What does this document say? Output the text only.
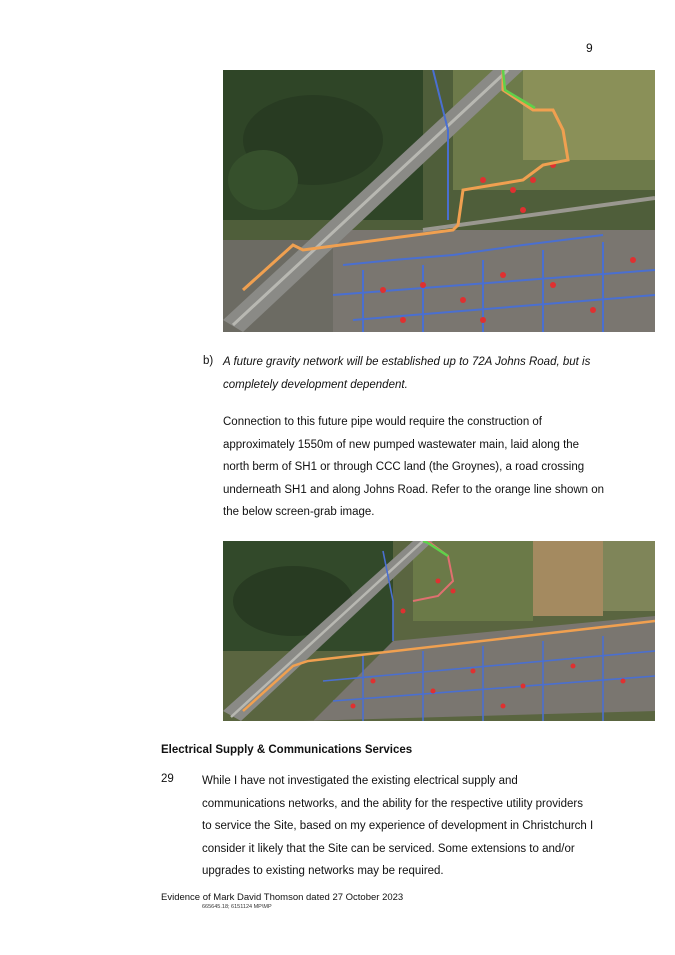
9
b) A future gravity network will be established up to 72A Johns Road, but is
completely development dependent.
Connection to this future pipe would require the construction of
approximately 1550m of new pumped wastewater main, laid along the
north berm of SH1 or through CCC land (the Groynes), a road crossing
underneath SH1 and along Johns Road. Refer to the orange line shown on
the below screen-grab image.
Electrical Supply & Communications Services
29 While I have not investigated the existing electrical supply and
communications networks, and the ability for the respective utility providers
to service the Site, based on my experience of development in Christchurch I
consider it likely that the Site can be serviced. Some extensions to and/or
upgrades to existing networks may be required.
Evidence of Mark David Thomson dated 27 October 2023
665645.18; 6151124 MP\MP
